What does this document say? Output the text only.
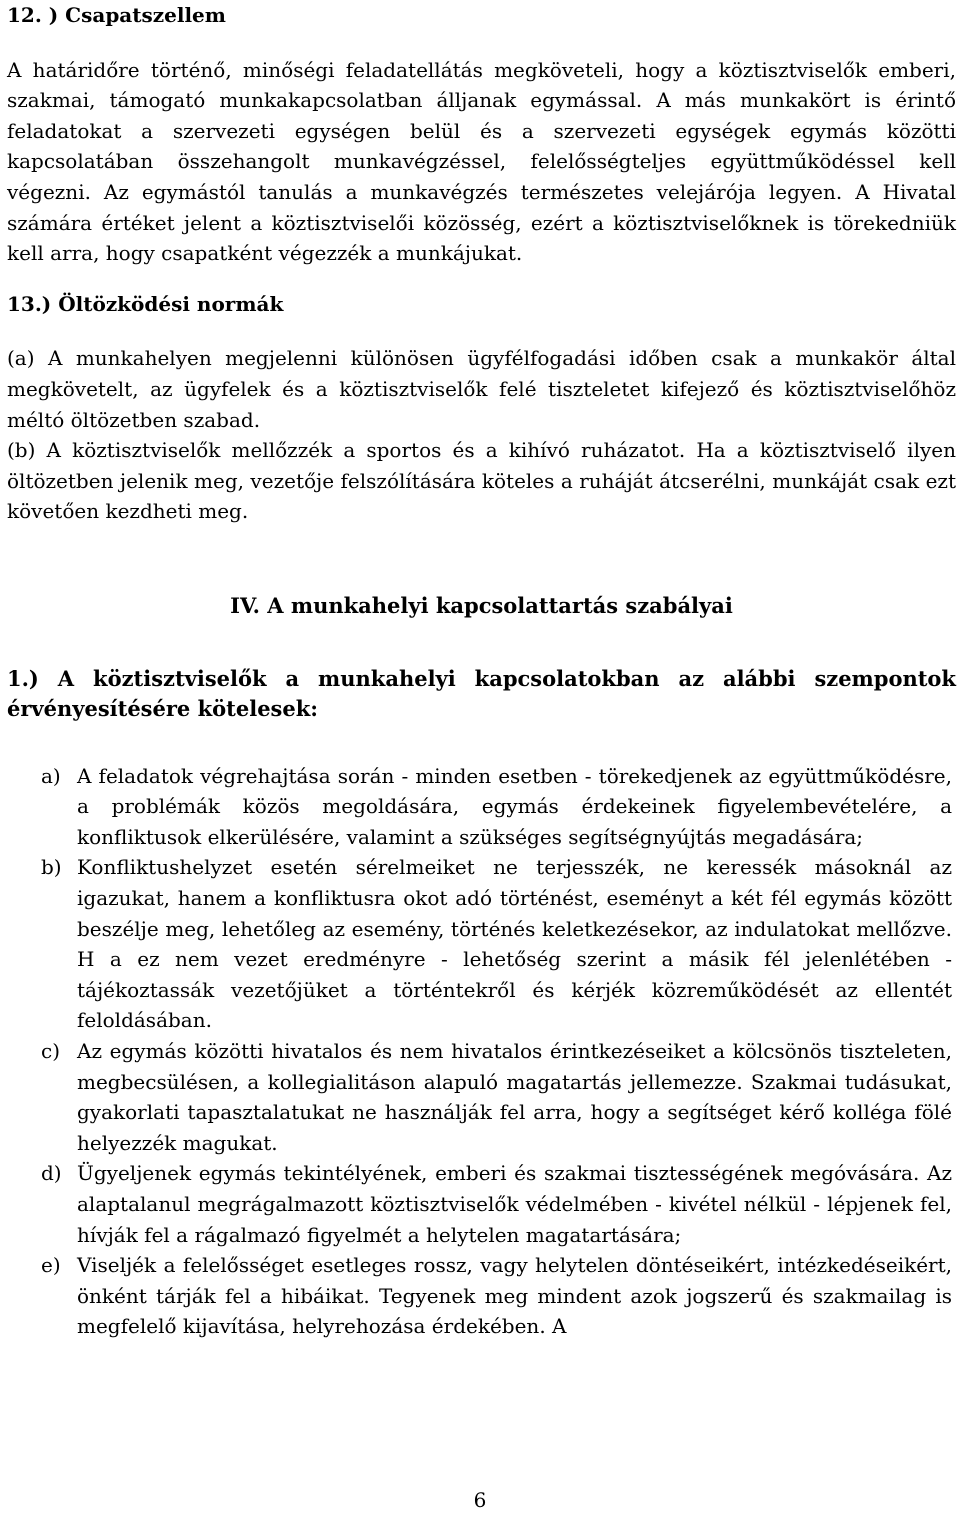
12. ) Csapatszellem

A határidőre történő, minőségi feladatellátás megköveteli, hogy a köztisztviselők emberi, szakmai, támogató munkakapcsolatban álljanak egymással. A más munkakört is érintő feladatokat a szervezeti egységen belül és a szervezeti egységek egymás közötti kapcsolatában összehangolt munkavégzéssel, felelősségteljes együttműködéssel kell végezni. Az egymástól tanulás a munkavégzés természetes velejárója legyen. A Hivatal számára értéket jelent a köztisztviselői közösség, ezért a köztisztviselőknek is törekedniük kell arra, hogy csapatként végezzék a munkájukat.

13.) Öltözködési normák

(a) A munkahelyen megjelenni különösen ügyfélfogadási időben csak a munkakör által megkövetelt, az ügyfelek és a köztisztviselők felé tiszteletet kifejező és köztisztviselőhöz méltó öltözetben szabad.

(b) A köztisztviselők mellőzzék a sportos és a kihívó ruházatot. Ha a köztisztviselő ilyen öltözetben jelenik meg, vezetője felszólítására köteles a ruháját átcserélni, munkáját csak ezt követően kezdheti meg.

IV. A munkahelyi kapcsolattartás szabályai

1.) A köztisztviselők a munkahelyi kapcsolatokban az alábbi szempontok érvényesítésére kötelesek:

a) A feladatok végrehajtása során - minden esetben - törekedjenek az együttműködésre, a problémák közös megoldására, egymás érdekeinek figyelembevételére, a konfliktusok elkerülésére, valamint a szükséges segítségnyújtás megadására;
b) Konfliktushelyzet esetén sérelmeiket ne terjesszék, ne keressék másoknál az igazukat, hanem a konfliktusra okot adó történést, eseményt a két fél egymás között beszélje meg, lehetőleg az esemény, történés keletkezésekor, az indulatokat mellőzve. H a ez nem vezet eredményre - lehetőség szerint a másik fél jelenlétében - tájékoztassák vezetőjüket a történtekről és kérjék közreműködését az ellentét feloldásában.
c) Az egymás közötti hivatalos és nem hivatalos érintkezéseiket a kölcsönös tiszteleten, megbecsülésen, a kollegialitáson alapuló magatartás jellemezze. Szakmai tudásukat, gyakorlati tapasztalatukat ne használják fel arra, hogy a segítséget kérő kolléga fölé helyezzék magukat.
d) Ügyeljenek egymás tekintélyének, emberi és szakmai tisztességének megóvására. Az alaptalanul megrágalmazott köztisztviselők védelmében - kivétel nélkül - lépjenek fel, hívják fel a rágalmazó figyelmét a helytelen magatartására;
e) Viseljék a felelősséget esetleges rossz, vagy helytelen döntéseikért, intézkedéseikért, önként tárják fel a hibáikat. Tegyenek meg mindent azok jogszerű és szakmailag is megfelelő kijavítása, helyrehozása érdekében. A
6
